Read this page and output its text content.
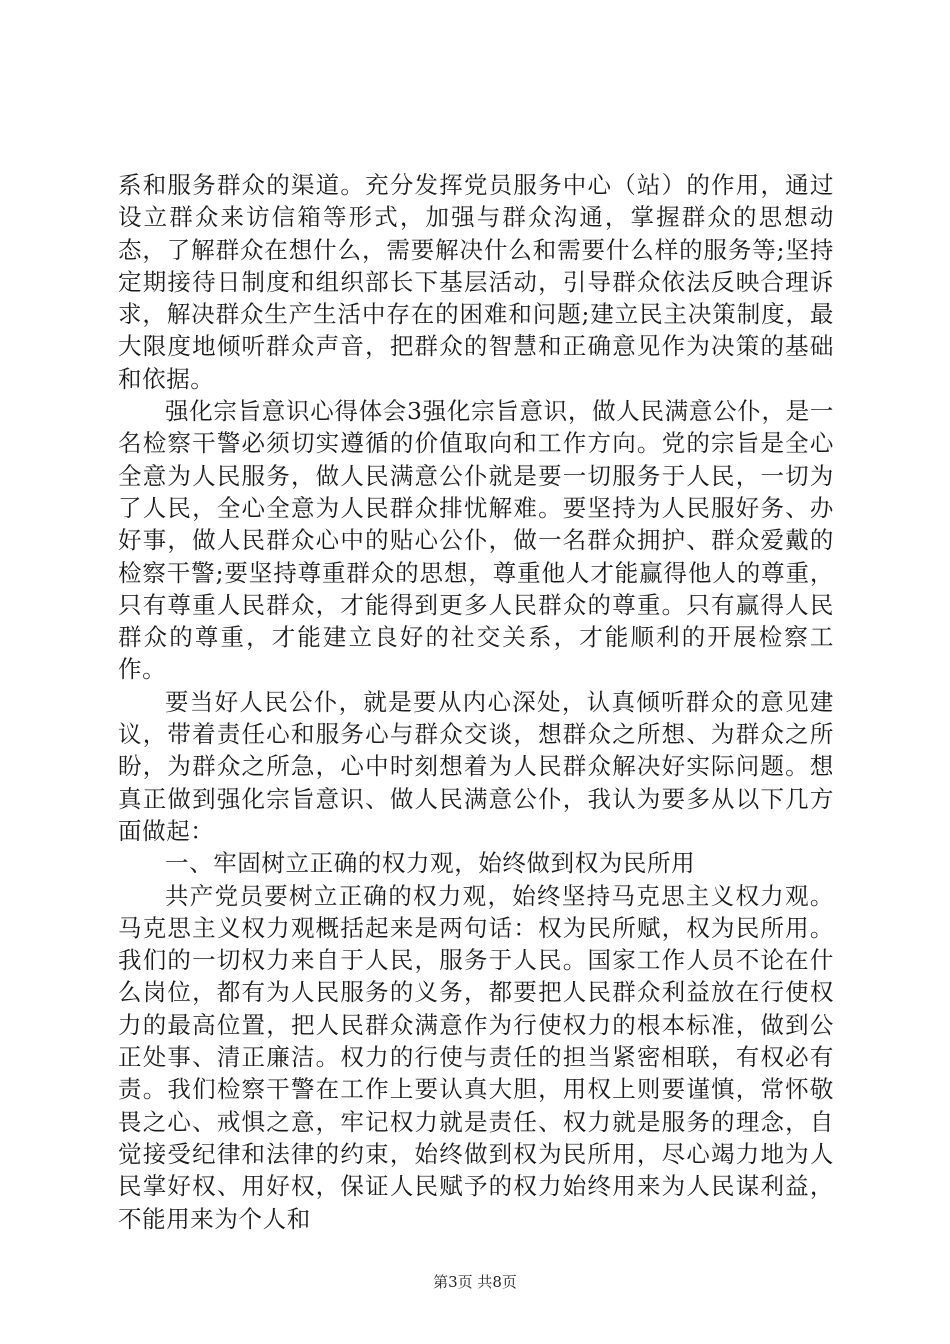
系和服务群众的渠道。充分发挥党员服务中心（站）的作用，通过设立群众来访信箱等形式，加强与群众沟通，掌握群众的思想动态，了解群众在想什么，需要解决什么和需要什么样的服务等;坚持定期接待日制度和组织部长下基层活动，引导群众依法反映合理诉求，解决群众生产生活中存在的困难和问题;建立民主决策制度，最大限度地倾听群众声音，把群众的智慧和正确意见作为决策的基础和依据。

强化宗旨意识心得体会3强化宗旨意识，做人民满意公仆，是一名检察干警必须切实遵循的价值取向和工作方向。党的宗旨是全心全意为人民服务，做人民满意公仆就是要一切服务于人民，一切为了人民，全心全意为人民群众排忧解难。要坚持为人民服好务、办好事，做人民群众心中的贴心公仆，做一名群众拥护、群众爱戴的检察干警;要坚持尊重群众的思想，尊重他人才能赢得他人的尊重，只有尊重人民群众，才能得到更多人民群众的尊重。只有赢得人民群众的尊重，才能建立良好的社交关系，才能顺利的开展检察工作。

要当好人民公仆，就是要从内心深处，认真倾听群众的意见建议，带着责任心和服务心与群众交谈，想群众之所想、为群众之所盼，为群众之所急，心中时刻想着为人民群众解决好实际问题。想真正做到强化宗旨意识、做人民满意公仆，我认为要多从以下几方面做起：

一、牢固树立正确的权力观，始终做到权为民所用

共产党员要树立正确的权力观，始终坚持马克思主义权力观。马克思主义权力观概括起来是两句话：权为民所赋，权为民所用。我们的一切权力来自于人民，服务于人民。国家工作人员不论在什么岗位，都有为人民服务的义务，都要把人民群众利益放在行使权力的最高位置，把人民群众满意作为行使权力的根本标准，做到公正处事、清正廉洁。权力的行使与责任的担当紧密相联，有权必有责。我们检察干警在工作上要认真大胆，用权上则要谨慎，常怀敬畏之心、戒惧之意，牢记权力就是责任、权力就是服务的理念，自觉接受纪律和法律的约束，始终做到权为民所用，尽心竭力地为人民掌好权、用好权，保证人民赋予的权力始终用来为人民谋利益，不能用来为个人和

第3页 共8页
